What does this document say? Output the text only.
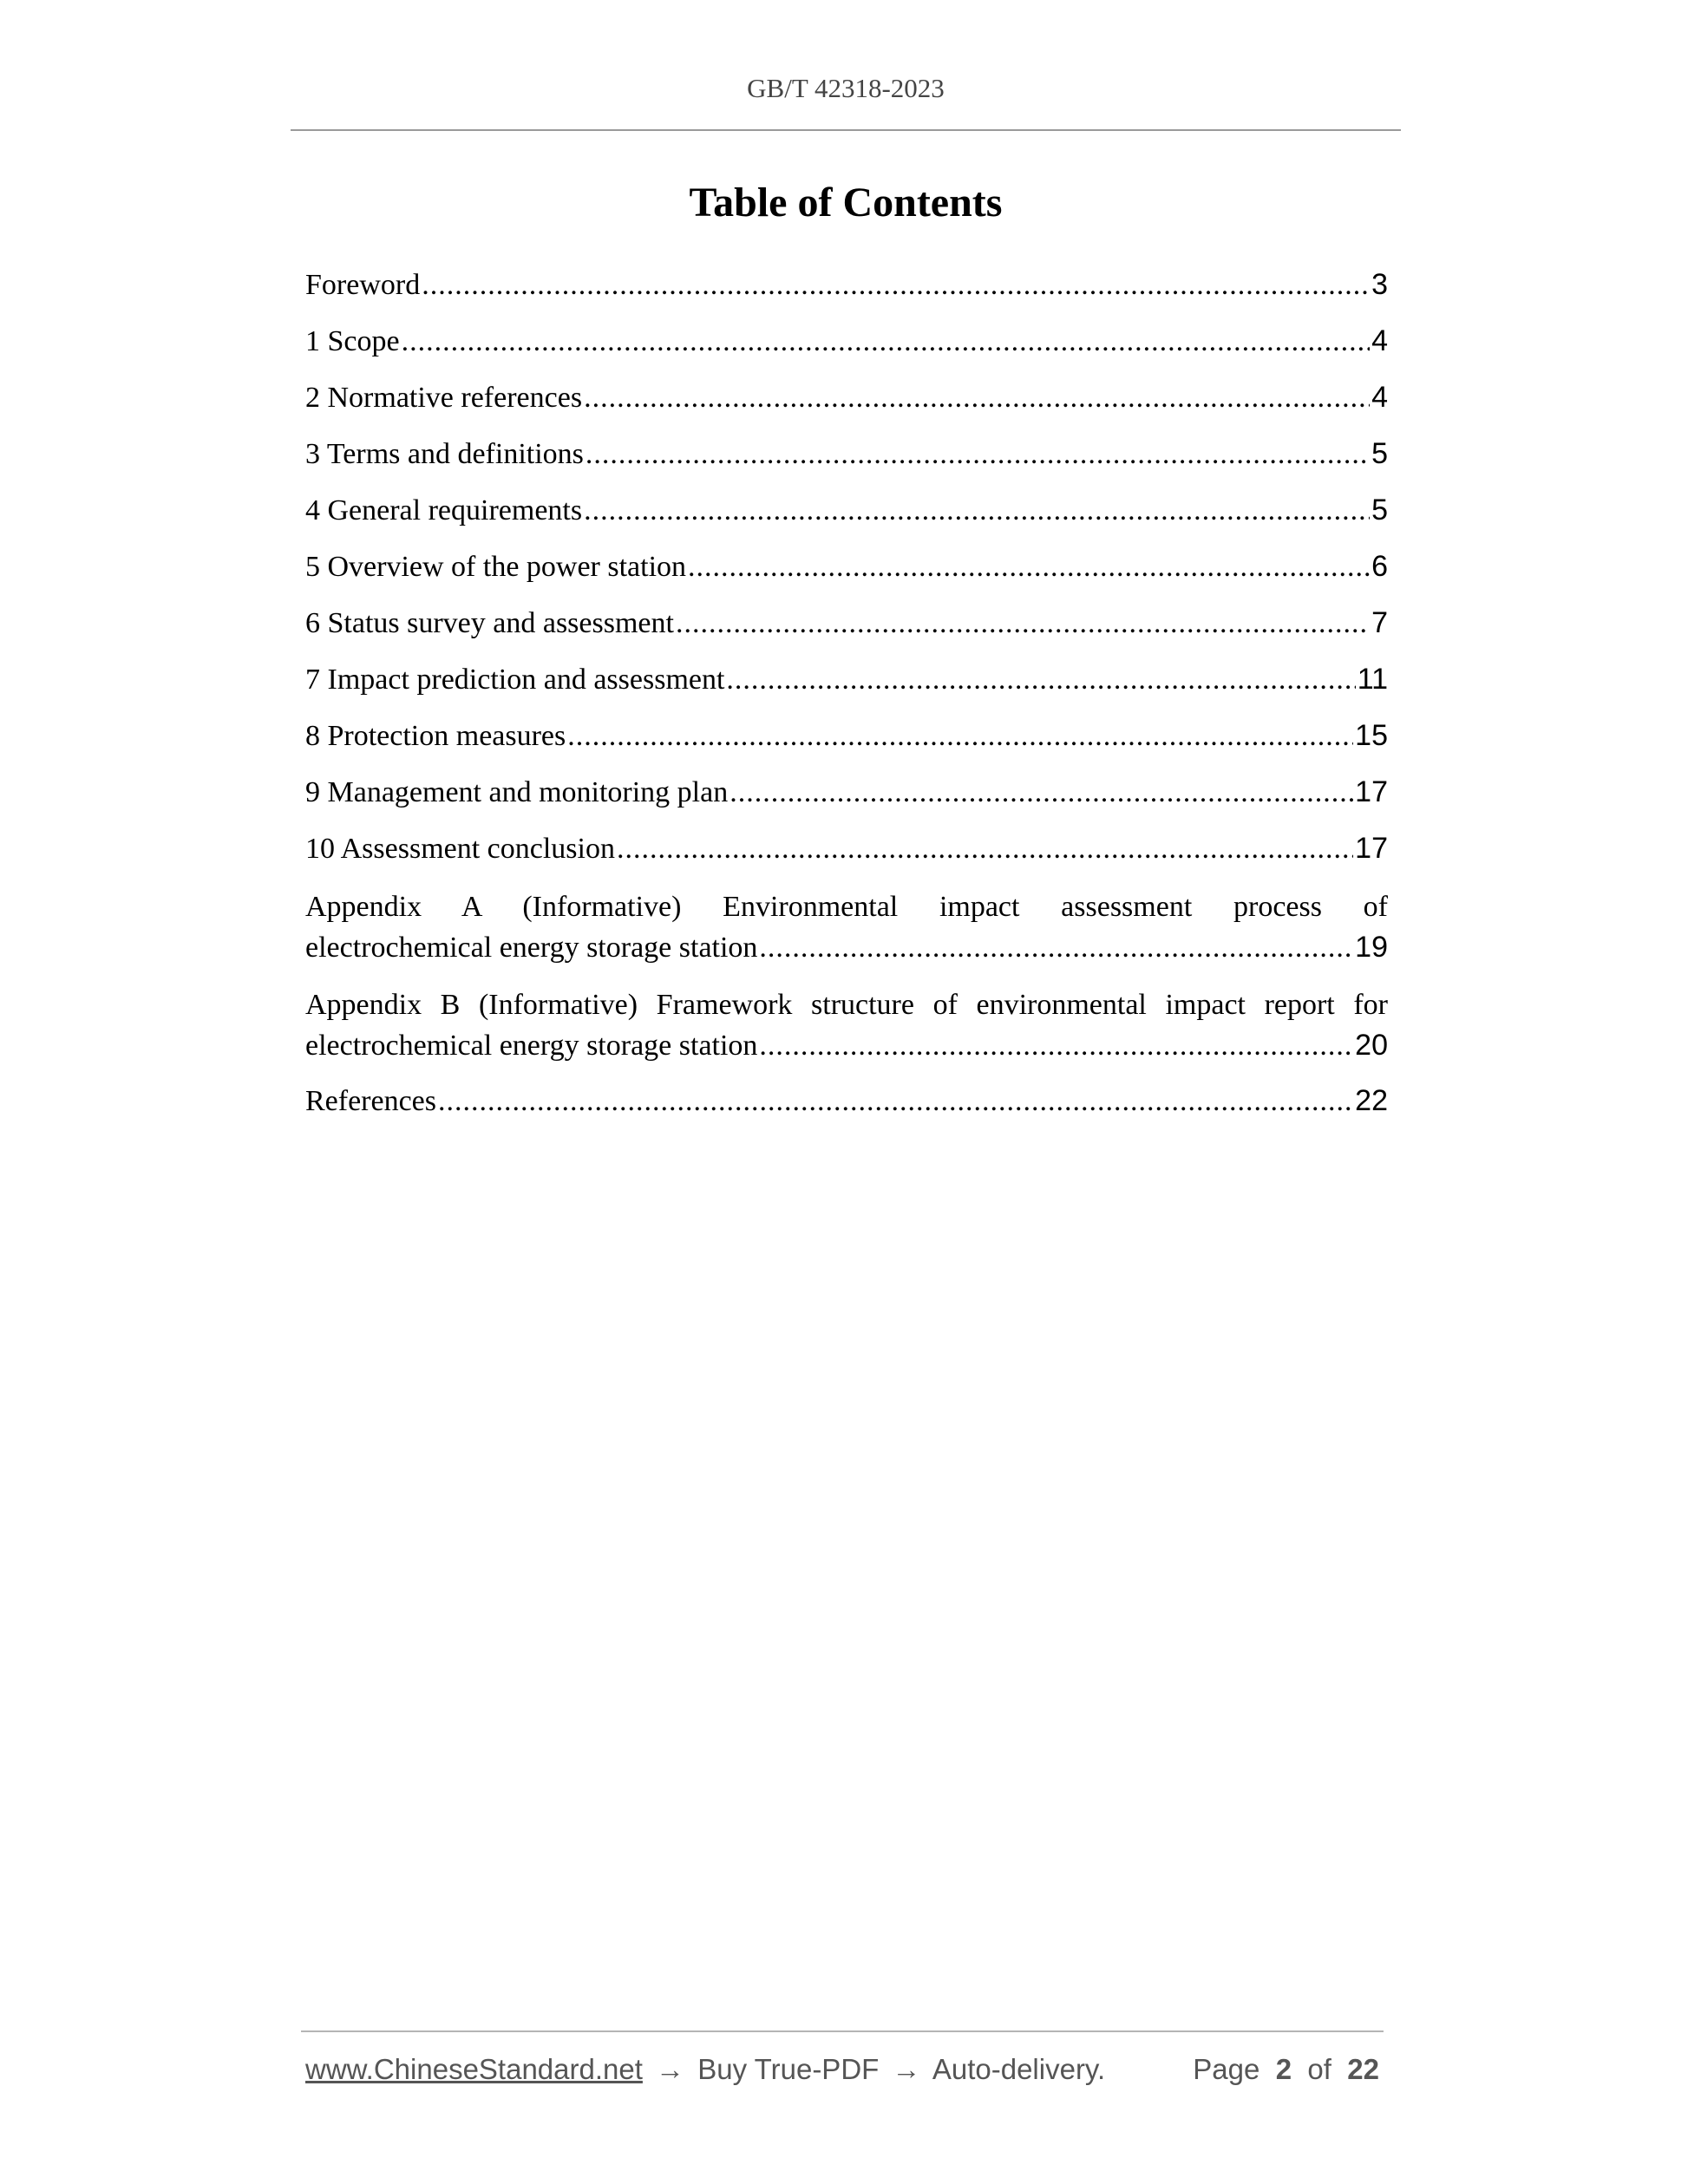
GB/T 42318-2023
Table of Contents
Foreword .....	3
1 Scope .....	4
2 Normative references .....	4
3 Terms and definitions .....	5
4 General requirements .....	5
5 Overview of the power station .....	6
6 Status survey and assessment .....	7
7 Impact prediction and assessment .....	11
8 Protection measures .....	15
9 Management and monitoring plan .....	17
10 Assessment conclusion .....	17
Appendix A (Informative) Environmental impact assessment process of
electrochemical energy storage station .....	19
Appendix B (Informative) Framework structure of environmental impact report for
electrochemical energy storage station .....	20
References .....	22
www.ChineseStandard.net → Buy True-PDF → Auto-delivery.	Page 2 of 22
